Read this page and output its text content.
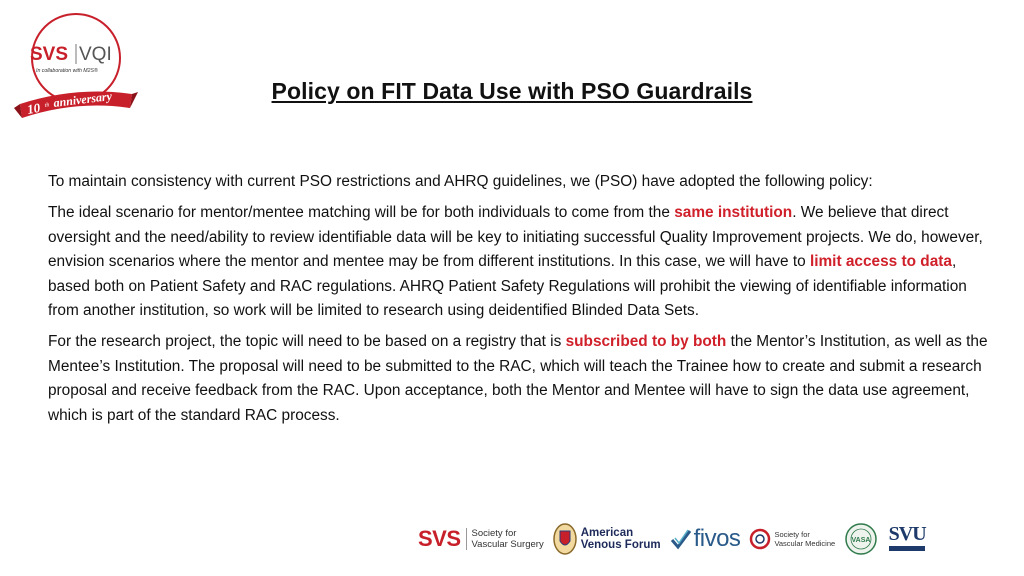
SVS VQI
In collaboration with M2S®
10 th anniversary	Policy on FIT Data Use with PSO Guardrails

To maintain consistency with current PSO restrictions and AHRQ guidelines, we (PSO) have adopted the following policy:

The ideal scenario for mentor/mentee matching will be for both individuals to come from the same institution. We believe that direct oversight and the need/ability to review identifiable data will be key to initiating successful Quality Improvement projects. We do, however, envision scenarios where the mentor and mentee may be from different institutions. In this case, we will have to limit access to data, based both on Patient Safety and RAC regulations. AHRQ Patient Safety Regulations will prohibit the viewing of identifiable information from another institution, so work will be limited to research using deidentified Blinded Data Sets.

For the research project, the topic will need to be based on a registry that is subscribed to by both the Mentor’s Institution, as well as the Mentee’s Institution. The proposal will need to be submitted to the RAC, which will teach the Trainee how to create and submit a research proposal and receive feedback from the RAC. Upon acceptance, both the Mentor and Mentee will have to sign the data use agreement, which is part of the standard RAC process.

SVS	Society for
Vascular Surgery
American
Venous Forum fivos	Society for
Vascular Medicine VASA SVU
